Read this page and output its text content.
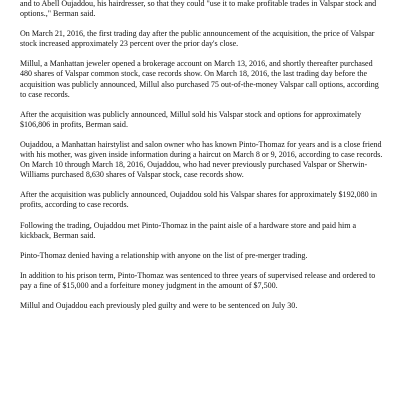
and to Abell Oujaddou, his hairdresser, so that they could "use it to make profitable trades in Valspar stock and options.," Berman said.

On March 21, 2016, the first trading day after the public announcement of the acquisition, the price of Valspar stock increased approximately 23 percent over the prior day's close.

Millul, a Manhattan jeweler opened a brokerage account on March 13, 2016, and shortly thereafter purchased 480 shares of Valspar common stock, case records show. On March 18, 2016, the last trading day before the acquisition was publicly announced, Millul also purchased 75 out-of-the-money Valspar call options, according to case records.

After the acquisition was publicly announced, Millul sold his Valspar stock and options for approximately $106,806 in profits, Berman said.

Oujaddou, a Manhattan hairstylist and salon owner who has known Pinto-Thomaz for years and is a close friend with his mother, was given inside information during a haircut on March 8 or 9, 2016, according to case records. On March 10 through March 18, 2016, Oujaddou, who had never previously purchased Valspar or Sherwin-Williams purchased 8,630 shares of Valspar stock, case records show.

After the acquisition was publicly announced, Oujaddou sold his Valspar shares for approximately $192,080 in profits, according to case records.

Following the trading, Oujaddou met Pinto-Thomaz in the paint aisle of a hardware store and paid him a kickback, Berman said.

Pinto-Thomaz denied having a relationship with anyone on the list of pre-merger trading.

In addition to his prison term, Pinto-Thomaz was sentenced to three years of supervised release and ordered to pay a fine of $15,000 and a forfeiture money judgment in the amount of $7,500.

Millul and Oujaddou each previously pled guilty and were to be sentenced on July 30.
